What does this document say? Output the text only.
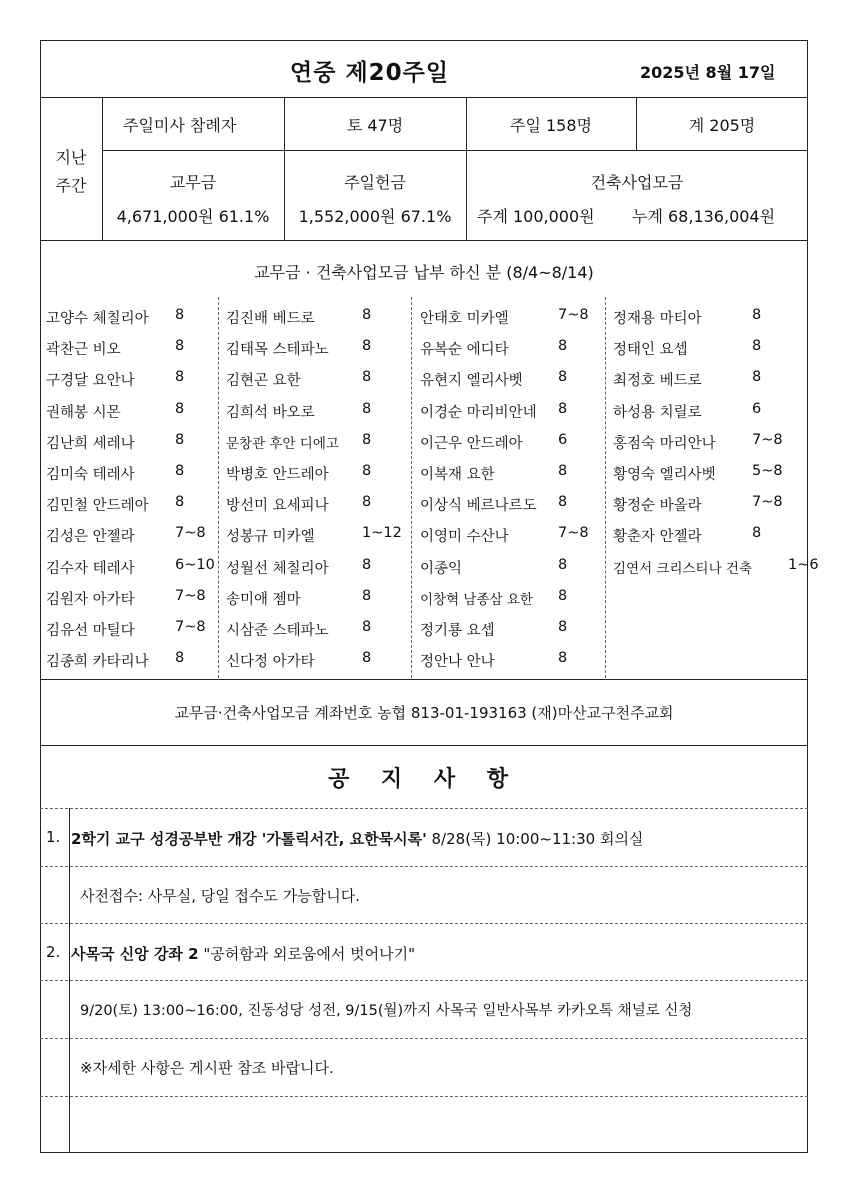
연중 제20주일	2025년 8월 17일
지난
주간
주일미사 참례자	토 47명	주일 158명	계 205명
교무금
4,671,000원 61.1%
주일헌금
1,552,000원 67.1%
건축사업모금
주계 100,000원 누계 68,136,004원
교무금 · 건축사업모금 납부 하신 분 (8/4~8/14)
고양수 체칠리아 8
곽찬근 비오	8
구경달 요안나	8
권해봉 시몬	8
김난희 세레나	8
김미숙 테레사	8
김민철 안드레아 8
김성은 안젤라	7~8
김수자 테레사	6~10
김원자 아가타	7~8
김유선 마틸다	7~8
김종희 카타리나 8
김진배 베드로	8
김태목 스테파노 8
김현곤 요한	8
김희석 바오로	8
문창관 후안 디에고 8
박병호 안드레아 8
방선미 요세피나 8
성봉규 미카엘	1~12
성월선 체칠리아 8
송미애 젬마	8
시삼준 스테파노 8
신다정 아가타	8
안태호 미카엘	7~8
유복순 에디타	8
유현지 엘리사벳 8
이경순 마리비안네 8
이근우 안드레아 6
이복재 요한	8
이상식 베르나르도 8
이영미 수산나	7~8
이종익	8
이창혁 남종삼 요한 8
정기룡 요셉	8
정안나 안나	8
정재용 마티아	8
정태인 요셉	8
최정호 베드로	8
하성용 치릴로	6
홍점숙 마리안나	7~8
황영숙 엘리사벳	5~8
황정순 바올라	7~8
황춘자 안젤라	8
김연서 크리스티나 건축 1~6
교무금·건축사업모금 계좌번호 농협 813-01-193163 (재)마산교구천주교회
공 지 사 항
1. 2학기 교구 성경공부반 개강 '가톨릭서간, 요한묵시록' 8/28(목) 10:00~11:30 회의실
사전접수: 사무실, 당일 접수도 가능합니다.
2. 사목국 신앙 강좌 2 "공허함과 외로움에서 벗어나기"
9/20(토) 13:00~16:00, 진동성당 성전, 9/15(월)까지 사목국 일반사목부 카카오톡 채널로 신청
※자세한 사항은 게시판 참조 바랍니다.
